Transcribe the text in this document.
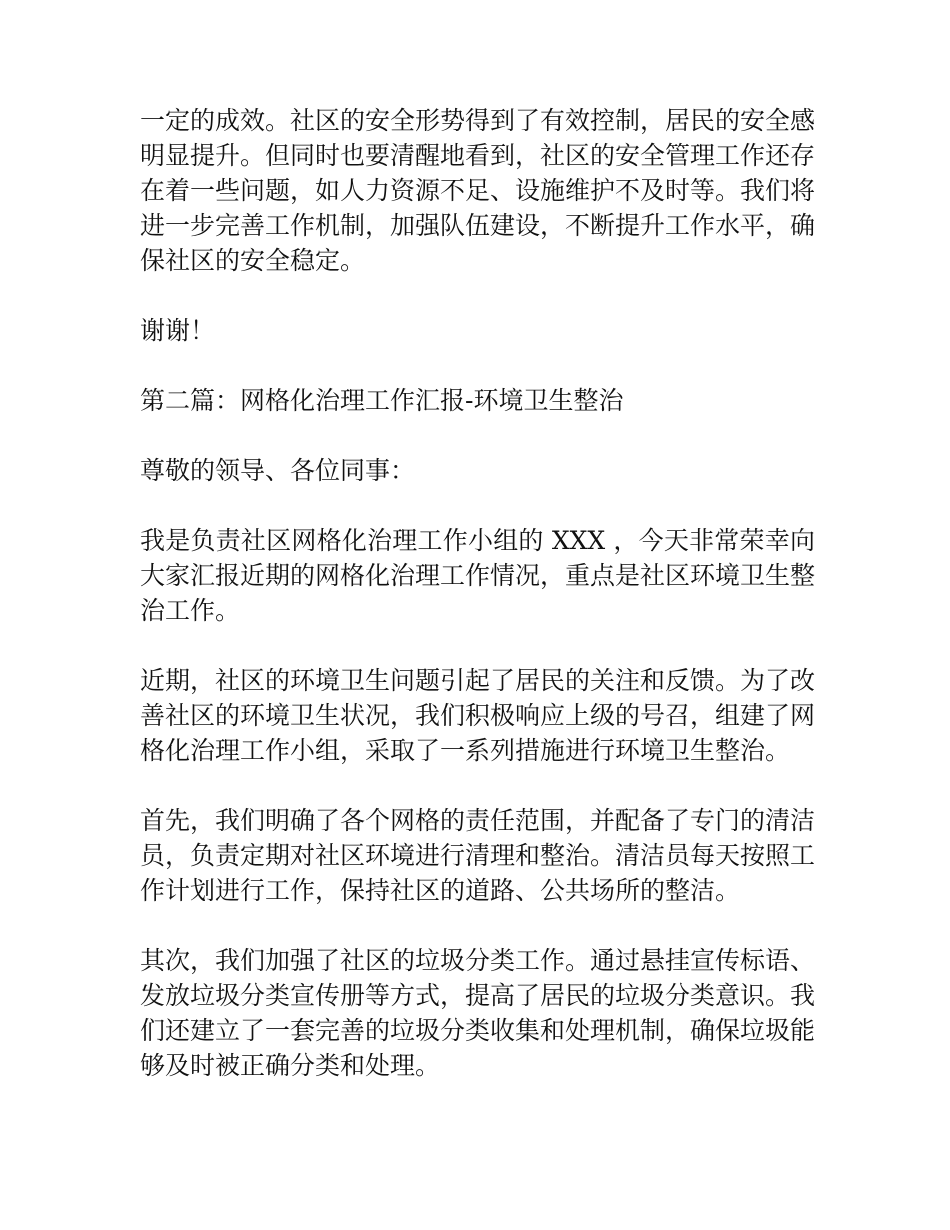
一定的成效。社区的安全形势得到了有效控制，居民的安全感明显提升。但同时也要清醒地看到，社区的安全管理工作还存在着一些问题，如人力资源不足、设施维护不及时等。我们将进一步完善工作机制，加强队伍建设，不断提升工作水平，确保社区的安全稳定。

谢谢！

第二篇：网格化治理工作汇报-环境卫生整治

尊敬的领导、各位同事：

我是负责社区网格化治理工作小组的 XXX ，今天非常荣幸向大家汇报近期的网格化治理工作情况，重点是社区环境卫生整治工作。

近期，社区的环境卫生问题引起了居民的关注和反馈。为了改善社区的环境卫生状况，我们积极响应上级的号召，组建了网格化治理工作小组，采取了一系列措施进行环境卫生整治。

首先，我们明确了各个网格的责任范围，并配备了专门的清洁员，负责定期对社区环境进行清理和整治。清洁员每天按照工作计划进行工作，保持社区的道路、公共场所的整洁。

其次，我们加强了社区的垃圾分类工作。通过悬挂宣传标语、发放垃圾分类宣传册等方式，提高了居民的垃圾分类意识。我们还建立了一套完善的垃圾分类收集和处理机制，确保垃圾能够及时被正确分类和处理。
